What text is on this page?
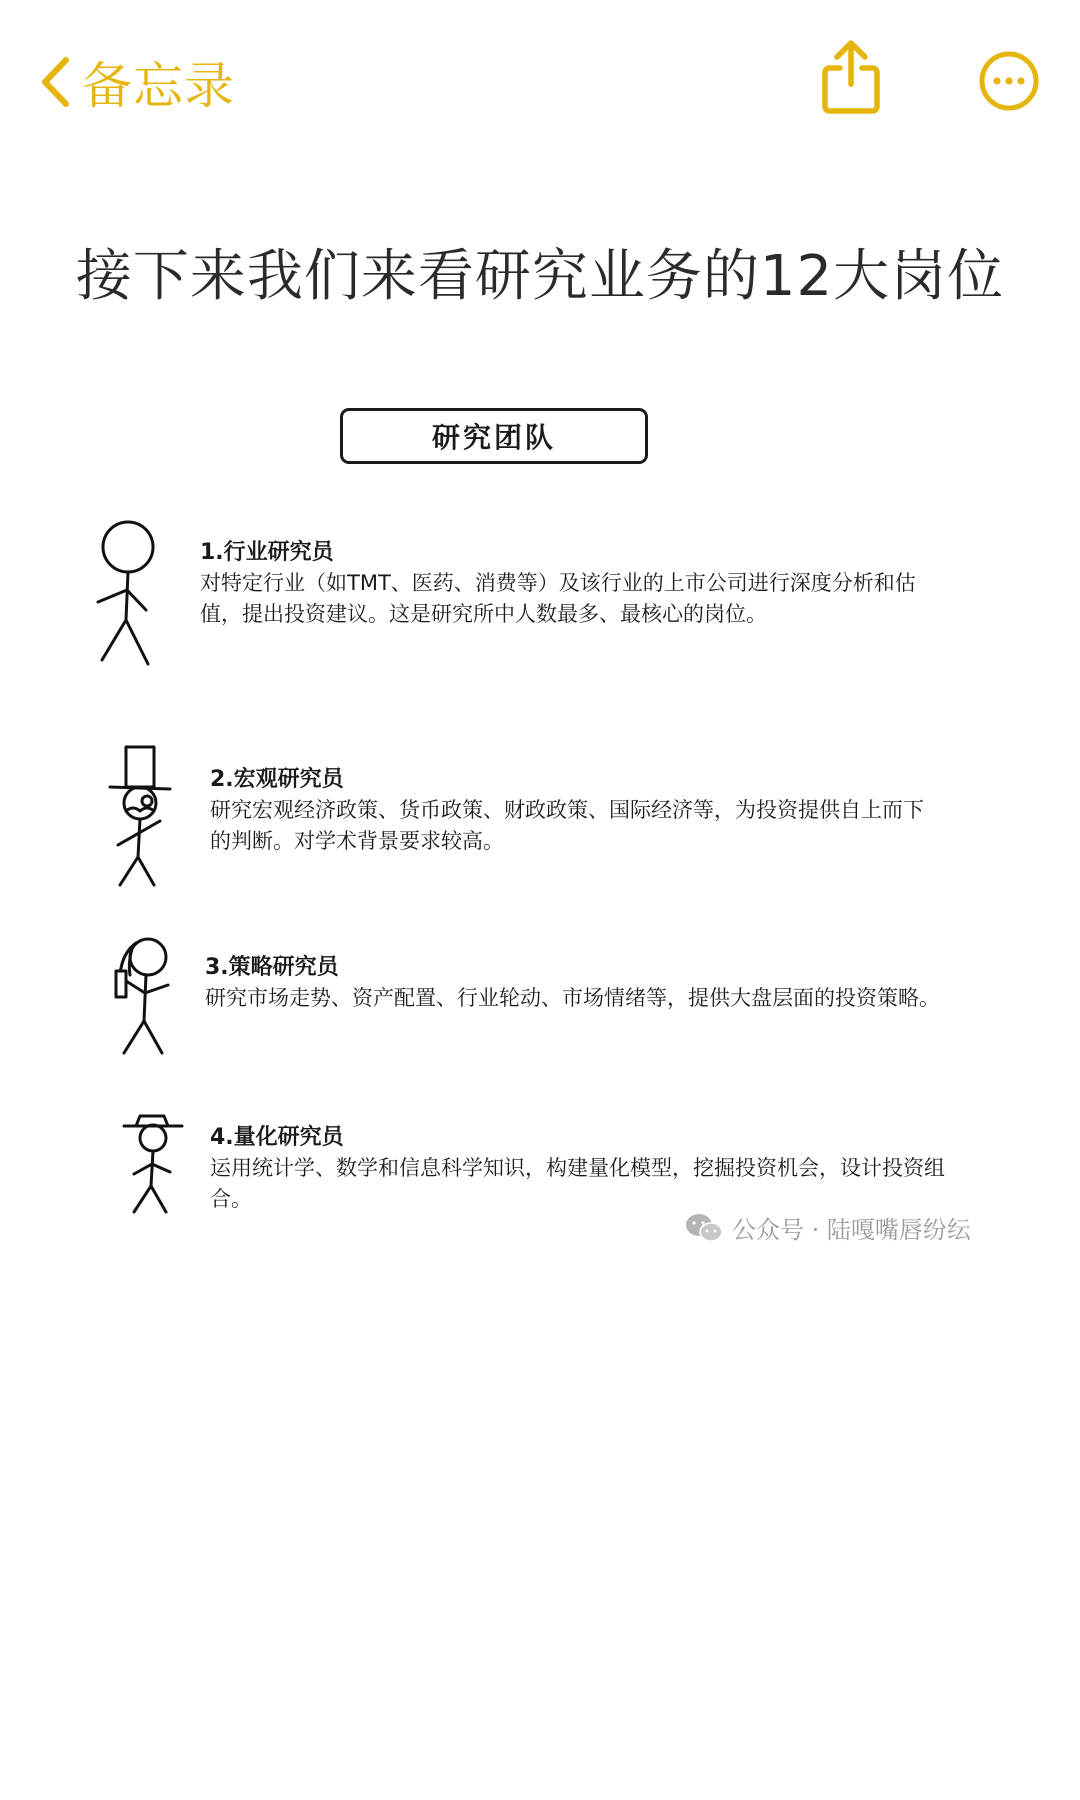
备忘录
接下来我们来看研究业务的12大岗位
研究团队
1.行业研究员
对特定行业（如TMT、医药、消费等）及该行业的上市公司进行深度分析和估值，提出投资建议。这是研究所中人数最多、最核心的岗位。
2.宏观研究员
研究宏观经济政策、货币政策、财政政策、国际经济等，为投资提供自上而下的判断。对学术背景要求较高。
3.策略研究员
研究市场走势、资产配置、行业轮动、市场情绪等，提供大盘层面的投资策略。
4.量化研究员
运用统计学、数学和信息科学知识，构建量化模型，挖掘投资机会，设计投资组合。
公众号 · 陆嘎嘴唇纷纭
